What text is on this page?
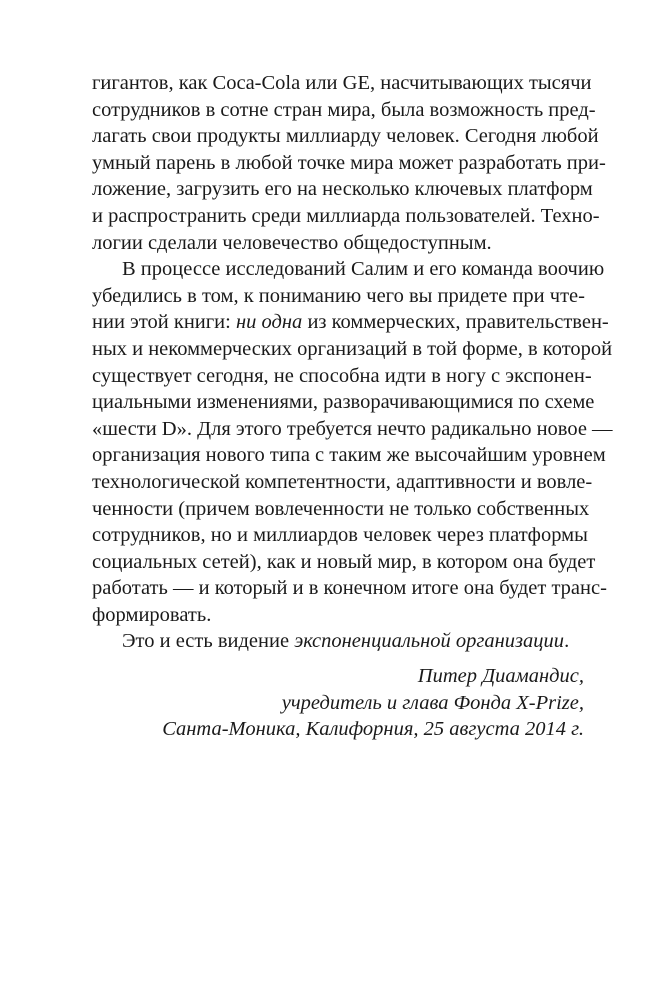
гигантов, как Coca-Cola или GE, насчитывающих тысячи
сотрудников в сотне стран мира, была возможность пред-
лагать свои продукты миллиарду человек. Сегодня любой
умный парень в любой точке мира может разработать при-
ложение, загрузить его на несколько ключевых платформ
и распространить среди миллиарда пользователей. Техно-
логии сделали человечество общедоступным.
В процессе исследований Салим и его команда воочию
убедились в том, к пониманию чего вы придете при чте-
нии этой книги: ни одна из коммерческих, правительствен-
ных и некоммерческих организаций в той форме, в которой
существует сегодня, не способна идти в ногу с экспонен-
циальными изменениями, разворачивающимися по схеме
«шести D». Для этого требуется нечто радикально новое —
организация нового типа с таким же высочайшим уровнем
технологической компетентности, адаптивности и вовле-
ченности (причем вовлеченности не только собственных
сотрудников, но и миллиардов человек через платформы
социальных сетей), как и новый мир, в котором она будет
работать — и который и в конечном итоге она будет транс-
формировать.
Это и есть видение экспоненциальной организации.
Питер Диамандис,
учредитель и глава Фонда X-Prize,
Санта-Моника, Калифорния, 25 августа 2014 г.
